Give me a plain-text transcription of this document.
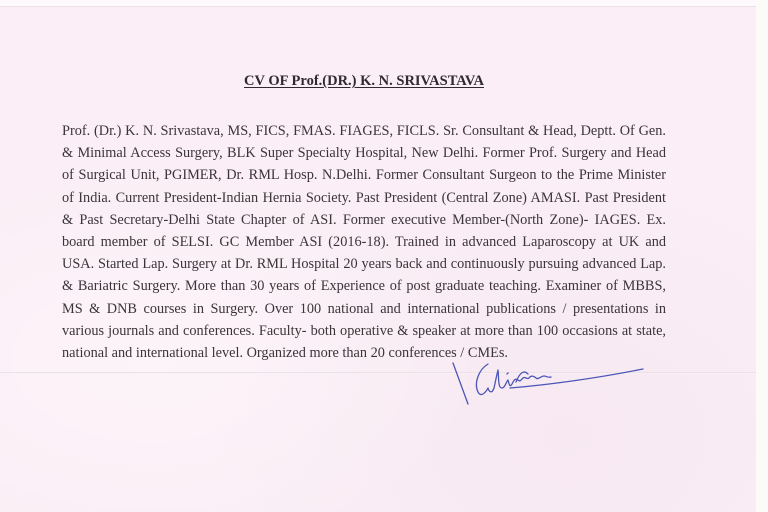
CV OF Prof.(DR.) K. N. SRIVASTAVA

Prof. (Dr.) K. N. Srivastava, MS, FICS, FMAS. FIAGES, FICLS. Sr. Consultant & Head, Deptt. Of Gen. & Minimal Access Surgery, BLK Super Specialty Hospital, New Delhi. Former Prof. Surgery and Head of Surgical Unit, PGIMER, Dr. RML Hosp. N.Delhi. Former Consultant Surgeon to the Prime Minister of India. Current President-Indian Hernia Society. Past President (Central Zone) AMASI. Past President & Past Secretary-Delhi State Chapter of ASI. Former executive Member-(North Zone)- IAGES. Ex. board member of SELSI. GC Member ASI (2016-18). Trained in advanced Laparoscopy at UK and USA. Started Lap. Surgery at Dr. RML Hospital 20 years back and continuously pursuing advanced Lap. & Bariatric Surgery. More than 30 years of Experience of post graduate teaching. Examiner of MBBS, MS & DNB courses in Surgery. Over 100 national and international publications / presentations in various journals and conferences. Faculty- both operative & speaker at more than 100 occasions at state, national and international level. Organized more than 20 conferences / CMEs.
